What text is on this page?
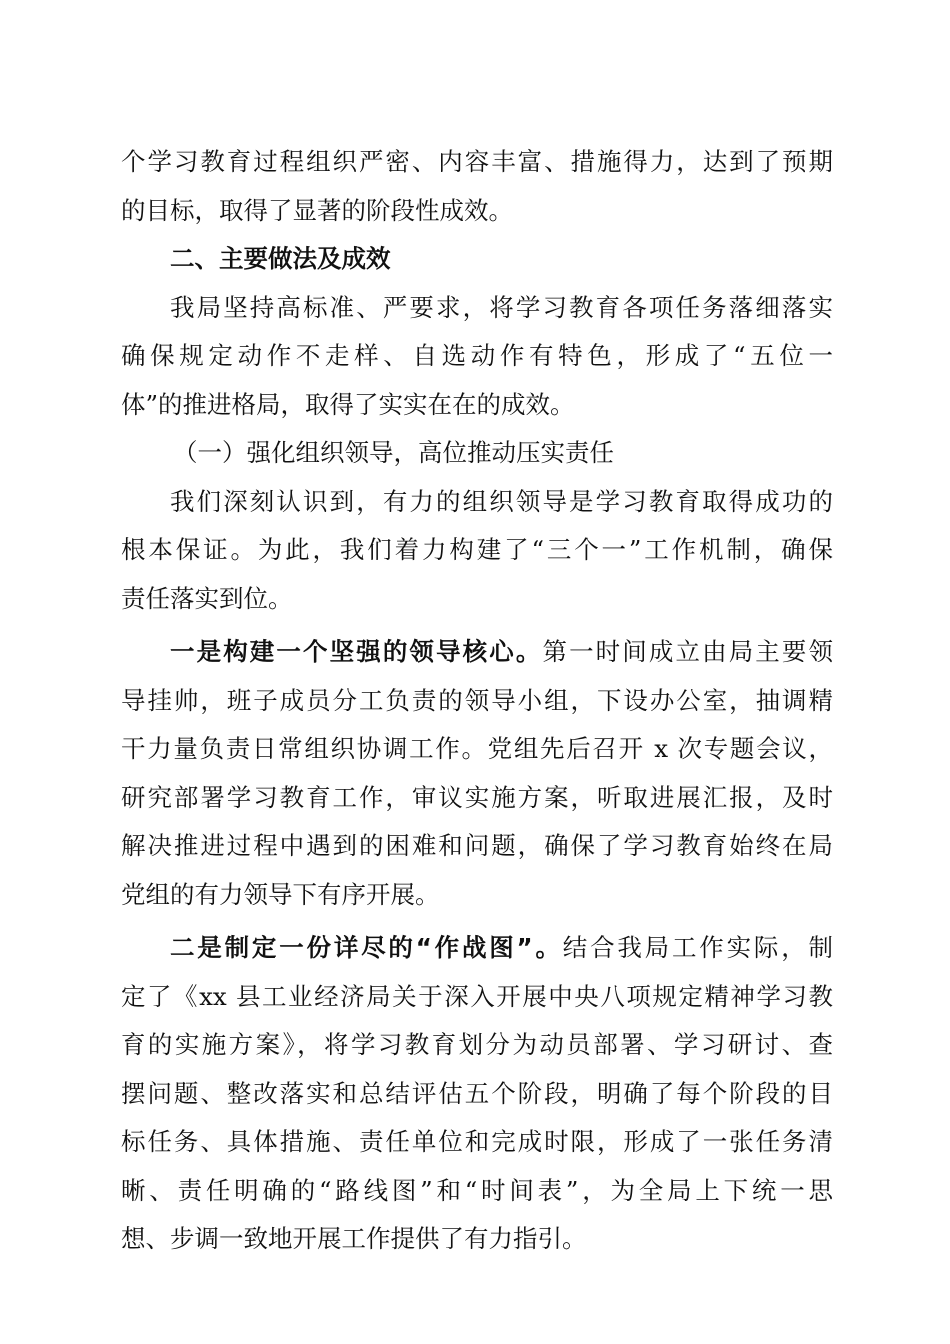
个学习教育过程组织严密、内容丰富、措施得力，达到了预期
的目标，取得了显著的阶段性成效。
二、主要做法及成效
我局坚持高标准、严要求，将学习教育各项任务落细落实
确保规定动作不走样、自选动作有特色，形成了“五位一
体”的推进格局，取得了实实在在的成效。
（一）强化组织领导，高位推动压实责任
我们深刻认识到，有力的组织领导是学习教育取得成功的
根本保证。为此，我们着力构建了“三个一”工作机制，确保
责任落实到位。
一是构建一个坚强的领导核心。第一时间成立由局主要领
导挂帅，班子成员分工负责的领导小组，下设办公室，抽调精
干力量负责日常组织协调工作。党组先后召开 x 次专题会议，
研究部署学习教育工作，审议实施方案，听取进展汇报，及时
解决推进过程中遇到的困难和问题，确保了学习教育始终在局
党组的有力领导下有序开展。
二是制定一份详尽的“作战图”。结合我局工作实际，制
定了《xx 县工业经济局关于深入开展中央八项规定精神学习教
育的实施方案》，将学习教育划分为动员部署、学习研讨、查
摆问题、整改落实和总结评估五个阶段，明确了每个阶段的目
标任务、具体措施、责任单位和完成时限，形成了一张任务清
晰、责任明确的“路线图”和“时间表”，为全局上下统一思
想、步调一致地开展工作提供了有力指引。
